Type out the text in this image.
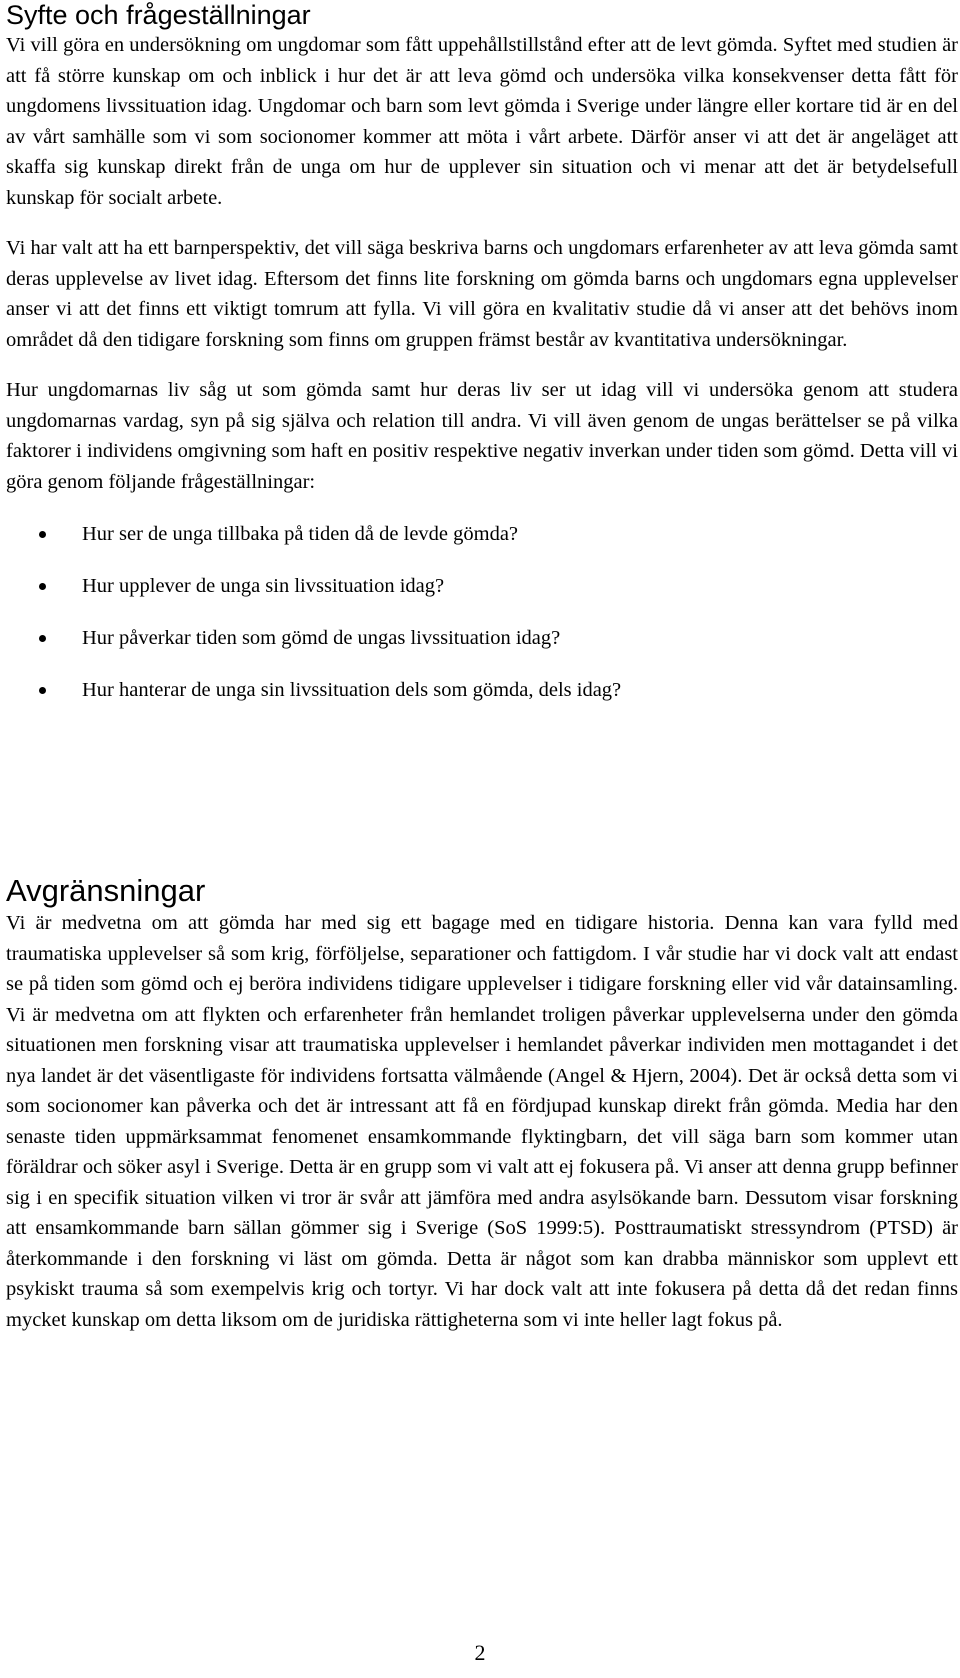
Syfte och frågeställningar

Vi vill göra en undersökning om ungdomar som fått uppehållstillstånd efter att de levt gömda. Syftet med studien är att få större kunskap om och inblick i hur det är att leva gömd och undersöka vilka konsekvenser detta fått för ungdomens livssituation idag. Ungdomar och barn som levt gömda i Sverige under längre eller kortare tid är en del av vårt samhälle som vi som socionomer kommer att möta i vårt arbete. Därför anser vi att det är angeläget att skaffa sig kunskap direkt från de unga om hur de upplever sin situation och vi menar att det är betydelsefull kunskap för socialt arbete.

Vi har valt att ha ett barnperspektiv, det vill säga beskriva barns och ungdomars erfarenheter av att leva gömda samt deras upplevelse av livet idag. Eftersom det finns lite forskning om gömda barns och ungdomars egna upplevelser anser vi att det finns ett viktigt tomrum att fylla. Vi vill göra en kvalitativ studie då vi anser att det behövs inom området då den tidigare forskning som finns om gruppen främst består av kvantitativa undersökningar.

Hur ungdomarnas liv såg ut som gömda samt hur deras liv ser ut idag vill vi undersöka genom att studera ungdomarnas vardag, syn på sig själva och relation till andra. Vi vill även genom de ungas berättelser se på vilka faktorer i individens omgivning som haft en positiv respektive negativ inverkan under tiden som gömd. Detta vill vi göra genom följande frågeställningar:

Hur ser de unga tillbaka på tiden då de levde gömda?
Hur upplever de unga sin livssituation idag?
Hur påverkar tiden som gömd de ungas livssituation idag?
Hur hanterar de unga sin livssituation dels som gömda, dels idag?
Avgränsningar

Vi är medvetna om att gömda har med sig ett bagage med en tidigare historia. Denna kan vara fylld med traumatiska upplevelser så som krig, förföljelse, separationer och fattigdom. I vår studie har vi dock valt att endast se på tiden som gömd och ej beröra individens tidigare upplevelser i tidigare forskning eller vid vår datainsamling. Vi är medvetna om att flykten och erfarenheter från hemlandet troligen påverkar upplevelserna under den gömda situationen men forskning visar att traumatiska upplevelser i hemlandet påverkar individen men mottagandet i det nya landet är det väsentligaste för individens fortsatta välmående (Angel & Hjern, 2004). Det är också detta som vi som socionomer kan påverka och det är intressant att få en fördjupad kunskap direkt från gömda. Media har den senaste tiden uppmärksammat fenomenet ensamkommande flyktingbarn, det vill säga barn som kommer utan föräldrar och söker asyl i Sverige. Detta är en grupp som vi valt att ej fokusera på. Vi anser att denna grupp befinner sig i en specifik situation vilken vi tror är svår att jämföra med andra asylsökande barn. Dessutom visar forskning att ensamkommande barn sällan gömmer sig i Sverige (SoS 1999:5). Posttraumatiskt stressyndrom (PTSD) är återkommande i den forskning vi läst om gömda. Detta är något som kan drabba människor som upplevt ett psykiskt trauma så som exempelvis krig och tortyr. Vi har dock valt att inte fokusera på detta då det redan finns mycket kunskap om detta liksom om de juridiska rättigheterna som vi inte heller lagt fokus på.

2
